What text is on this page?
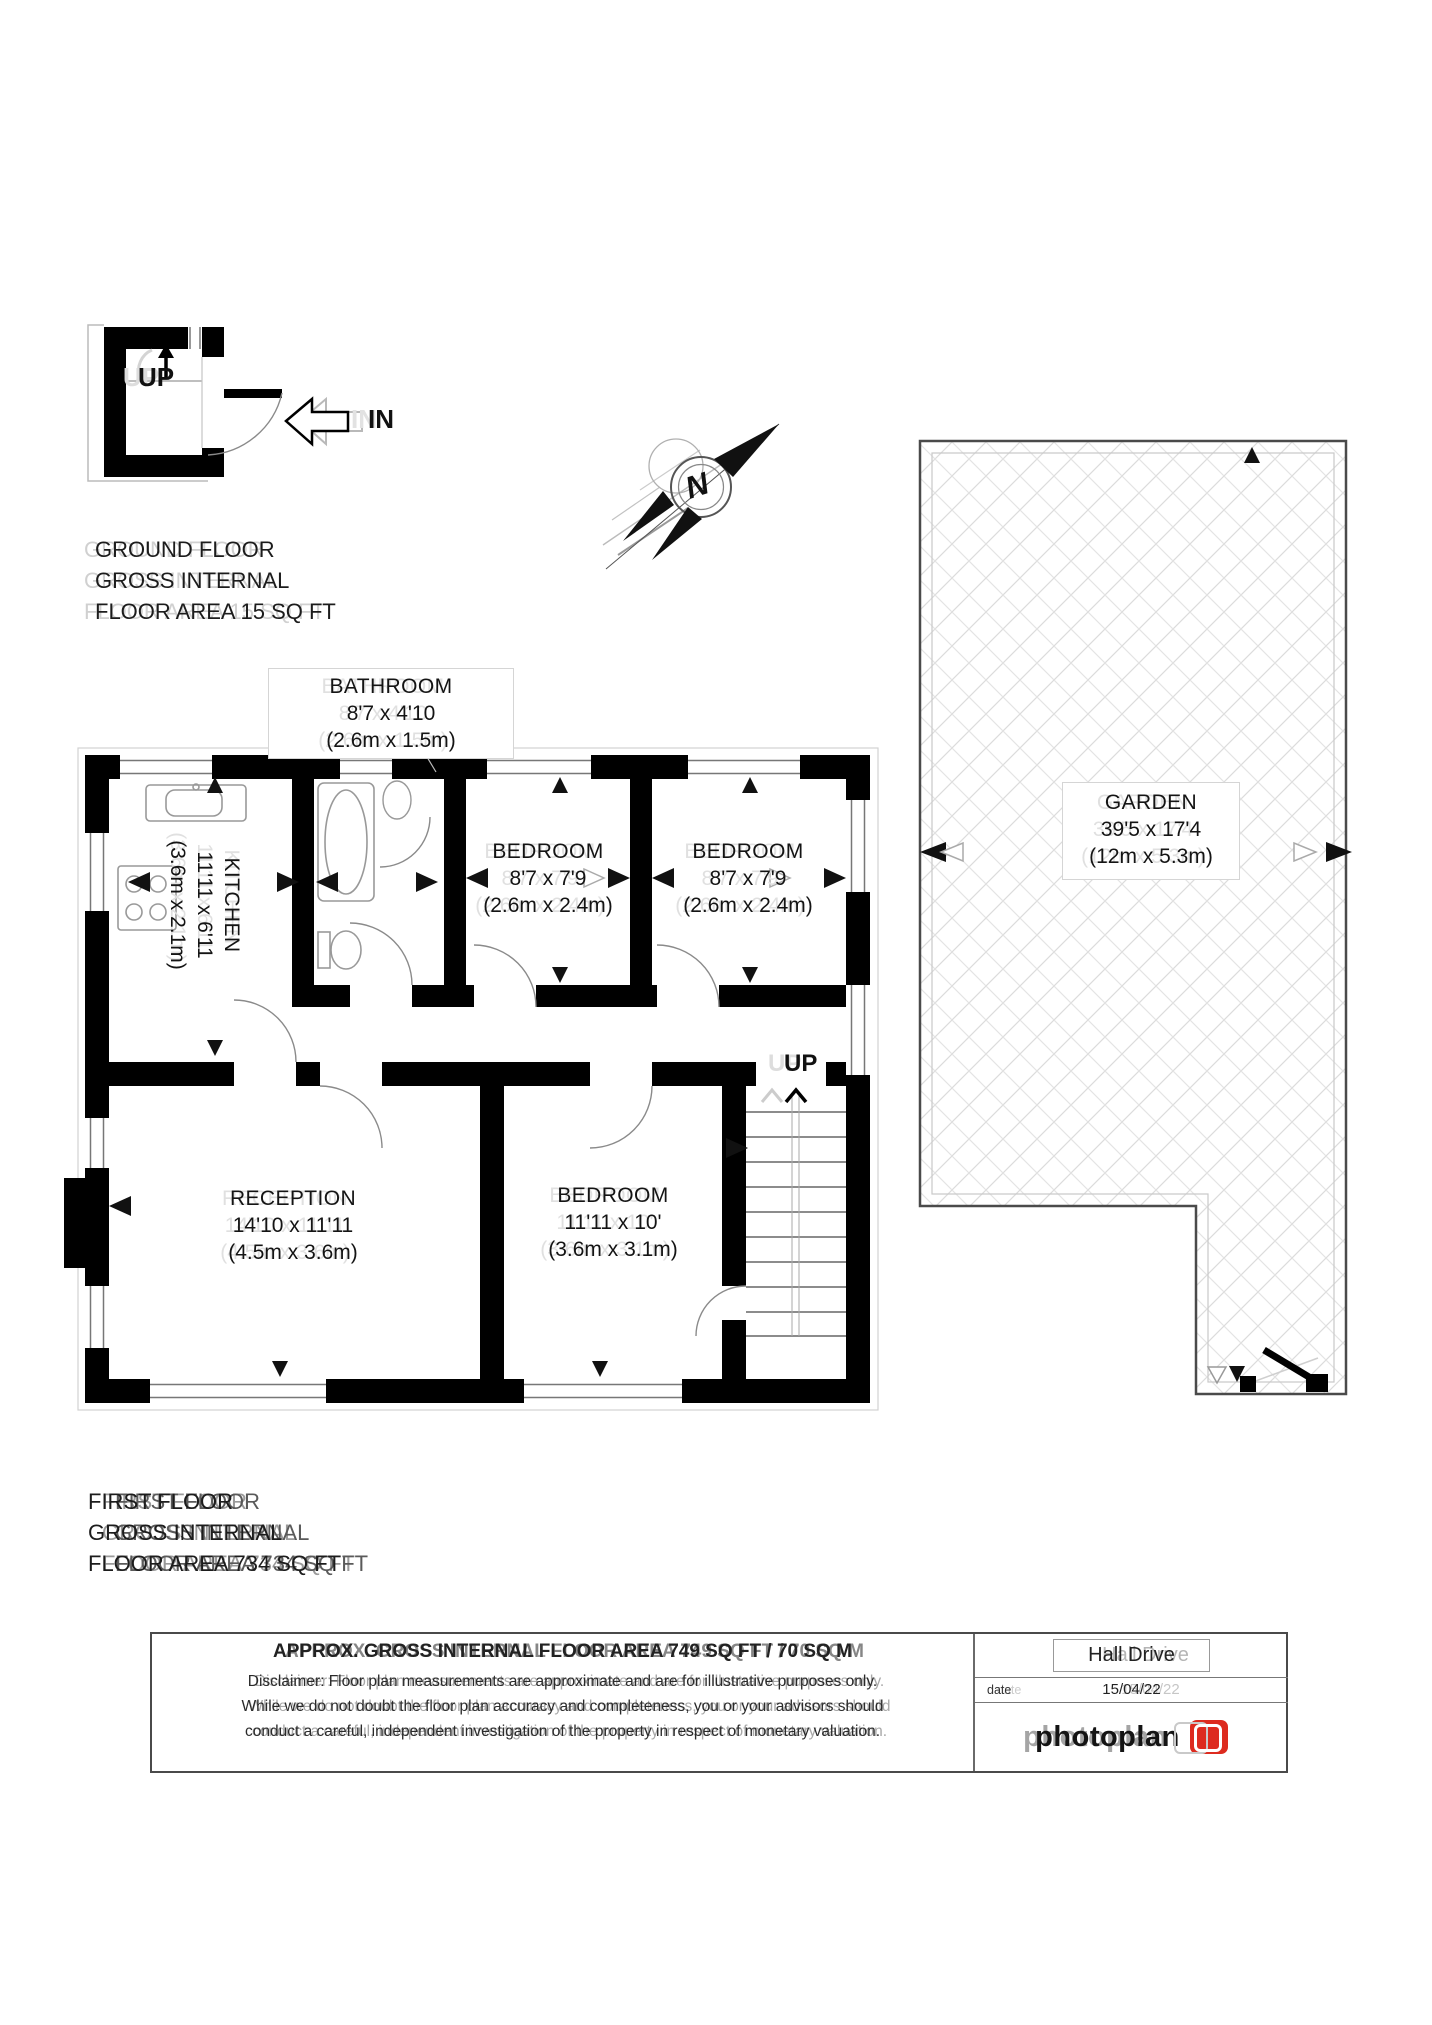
UP
IN
GROUND FLOOR
GROSS INTERNAL
FLOOR AREA 15 SQ FT
N
BATHROOM
8'7 x 4'10
(2.6m x 1.5m)
KITCHEN
11'11 x 6'11
(3.6m x 2.1m)	BEDROOM
8'7 x 7'9
(2.6m x 2.4m)
BEDROOM
8'7 x 7'9
(2.6m x 2.4m)
RECEPTION
14'10 x 11'11
(4.5m x 3.6m)
BEDROOM
11'11 x 10'
(3.6m x 3.1m)
GARDEN
39'5 x 17'4
(12m x 5.3m)
UP
FIRST FLOOR
GROSS INTERNAL
FLOOR AREA 734 SQ FT
APPROX. GROSS INTERNAL FLOOR AREA 749 SQ FT / 70 SQ M
Disclaimer: Floor plan measurements are approximate and are for illustrative purposes only.
While we do not doubt the floor plan accuracy and completeness, you or your advisors should
conduct a careful, independent investigation of the property in respect of monetary valuation.
Hall Drive
date	15/04/22
photoplan
